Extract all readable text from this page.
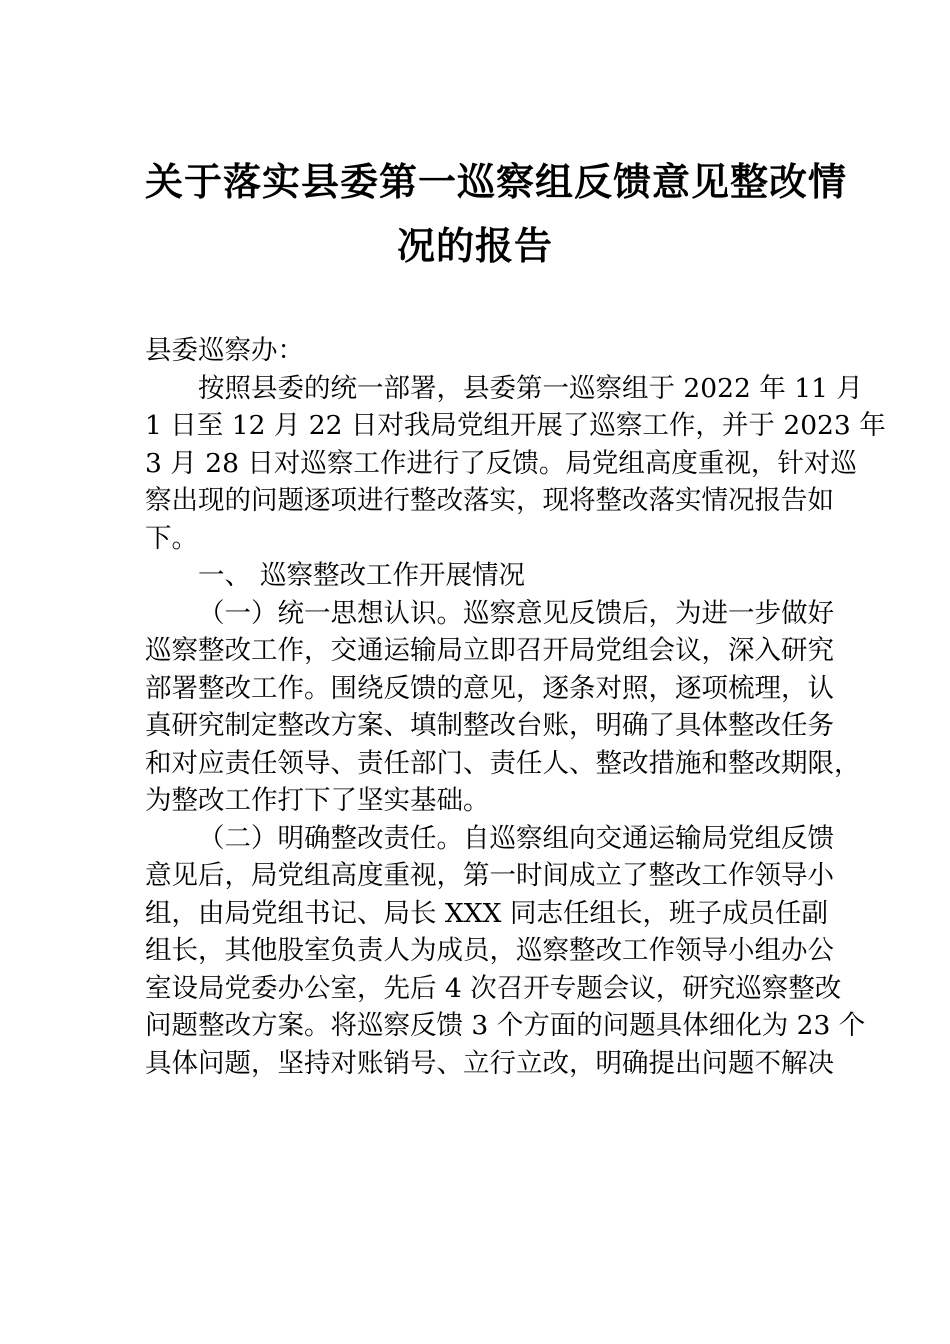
关于落实县委第一巡察组反馈意见整改情
况的报告
县委巡察办：
按照县委的统一部署，县委第一巡察组于 2022 年 11 月
1 日至 12 月 22 日对我局党组开展了巡察工作，并于 2023 年
3 月 28 日对巡察工作进行了反馈。局党组高度重视，针对巡
察出现的问题逐项进行整改落实，现将整改落实情况报告如
下。
一、 巡察整改工作开展情况
（一）统一思想认识。巡察意见反馈后，为进一步做好
巡察整改工作，交通运输局立即召开局党组会议，深入研究
部署整改工作。围绕反馈的意见，逐条对照，逐项梳理，认
真研究制定整改方案、填制整改台账，明确了具体整改任务
和对应责任领导、责任部门、责任人、整改措施和整改期限，
为整改工作打下了坚实基础。
（二）明确整改责任。自巡察组向交通运输局党组反馈
意见后，局党组高度重视，第一时间成立了整改工作领导小
组，由局党组书记、局长 XXX 同志任组长，班子成员任副
组长，其他股室负责人为成员，巡察整改工作领导小组办公
室设局党委办公室，先后 4 次召开专题会议，研究巡察整改
问题整改方案。将巡察反馈 3 个方面的问题具体细化为 23 个
具体问题，坚持对账销号、立行立改，明确提出问题不解决
